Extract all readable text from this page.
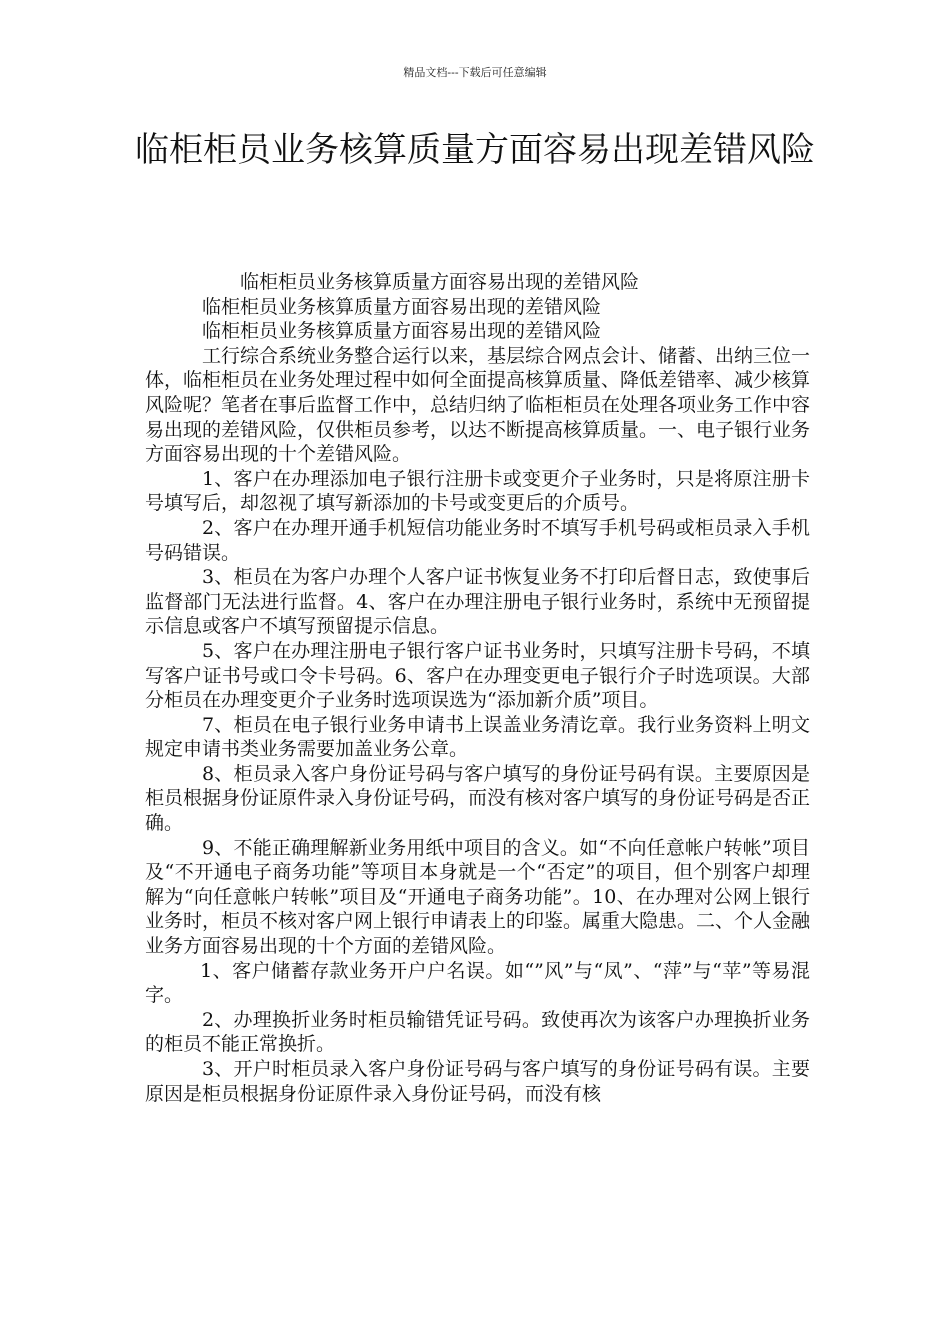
精品文档---下载后可任意编辑
临柜柜员业务核算质量方面容易出现差错风险

临柜柜员业务核算质量方面容易出现的差错风险

临柜柜员业务核算质量方面容易出现的差错风险

临柜柜员业务核算质量方面容易出现的差错风险

工行综合系统业务整合运行以来，基层综合网点会计、储蓄、出纳三位一体，临柜柜员在业务处理过程中如何全面提高核算质量、降低差错率、减少核算风险呢？笔者在事后监督工作中，总结归纳了临柜柜员在处理各项业务工作中容易出现的差错风险，仅供柜员参考，以达不断提高核算质量。一、电子银行业务方面容易出现的十个差错风险。

1、客户在办理添加电子银行注册卡或变更介子业务时，只是将原注册卡号填写后，却忽视了填写新添加的卡号或变更后的介质号。

2、客户在办理开通手机短信功能业务时不填写手机号码或柜员录入手机号码错误。

3、柜员在为客户办理个人客户证书恢复业务不打印后督日志，致使事后监督部门无法进行监督。4、客户在办理注册电子银行业务时，系统中无预留提示信息或客户不填写预留提示信息。

5、客户在办理注册电子银行客户证书业务时，只填写注册卡号码，不填写客户证书号或口令卡号码。6、客户在办理变更电子银行介子时选项误。大部分柜员在办理变更介子业务时选项误选为“添加新介质”项目。

7、柜员在电子银行业务申请书上误盖业务清讫章。我行业务资料上明文规定申请书类业务需要加盖业务公章。

8、柜员录入客户身份证号码与客户填写的身份证号码有误。主要原因是柜员根据身份证原件录入身份证号码，而没有核对客户填写的身份证号码是否正确。

9、不能正确理解新业务用纸中项目的含义。如“不向任意帐户转帐”项目及“不开通电子商务功能”等项目本身就是一个“否定”的项目，但个别客户却理解为“向任意帐户转帐”项目及“开通电子商务功能”。10、在办理对公网上银行业务时，柜员不核对客户网上银行申请表上的印鉴。属重大隐患。二、个人金融业务方面容易出现的十个方面的差错风险。

1、客户储蓄存款业务开户户名误。如“”风”与“凤”、“萍”与“苹”等易混字。

2、办理换折业务时柜员输错凭证号码。致使再次为该客户办理换折业务的柜员不能正常换折。

3、开户时柜员录入客户身份证号码与客户填写的身份证号码有误。主要原因是柜员根据身份证原件录入身份证号码，而没有核
